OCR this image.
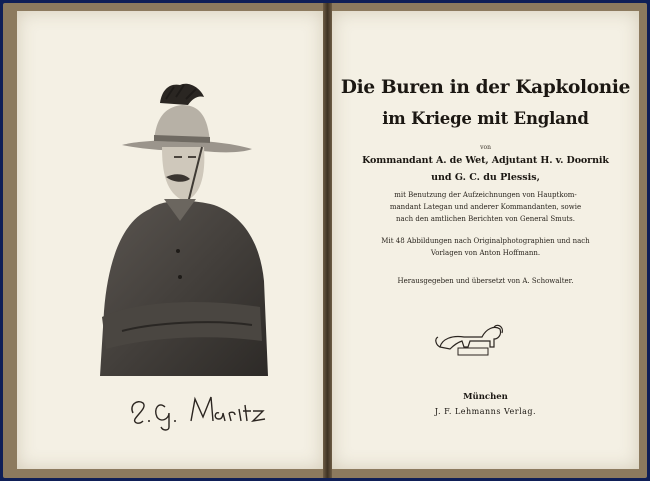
Die Buren in der Kapkolonie
im Kriege mit England
von
Kommandant A. de Wet, Adjutant H. v. Doornik
und G. C. du Plessis,
mit Benutzung der Aufzeichnungen von Hauptkom-
mandant Lategan und anderer Kommandanten, sowie
nach den amtlichen Berichten von General Smuts.
Mit 48 Abbildungen nach Originalphotographien und nach
Vorlagen von Anton Hoffmann.
Herausgegeben und übersetzt von A. Schowalter.
München
J. F. Lehmanns Verlag.
